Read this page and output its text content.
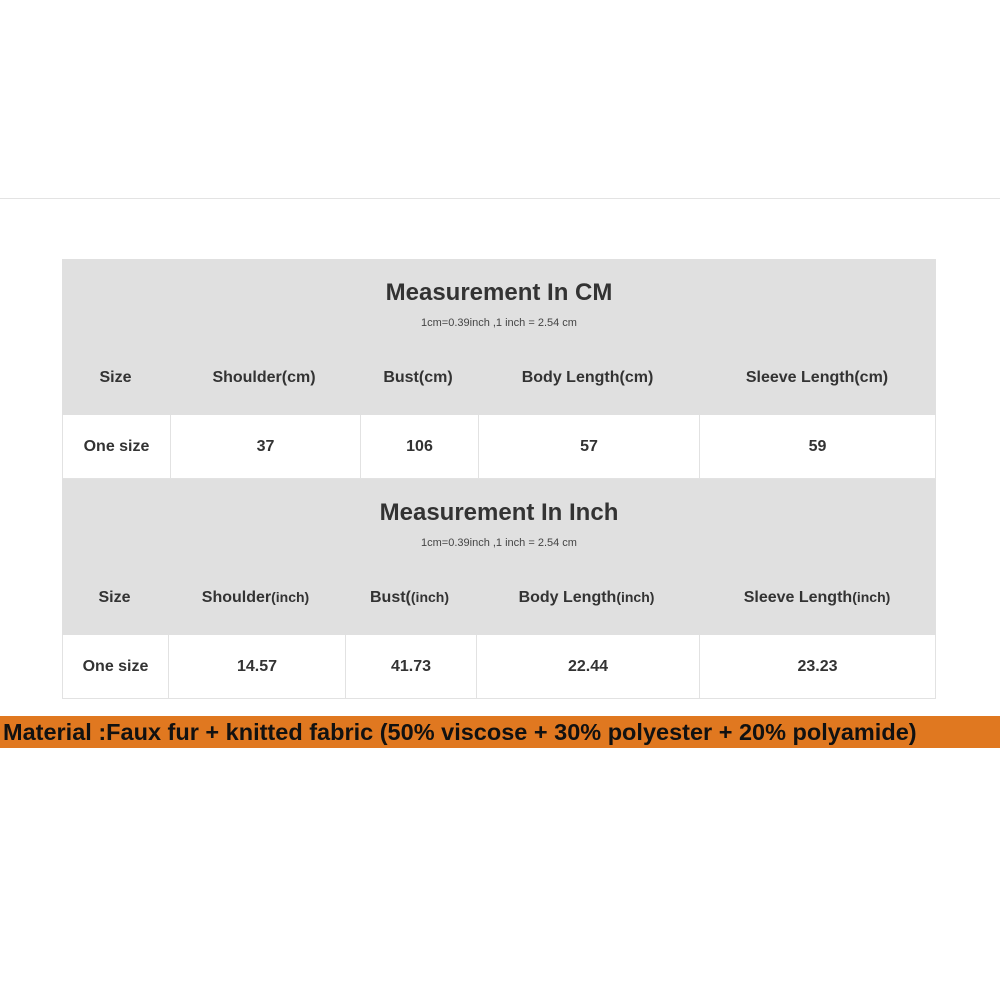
Measurement In CM
1cm=0.39inch ,1 inch = 2.54 cm
Size	Shoulder(cm)	Bust(cm)	Body Length(cm)	Sleeve Length(cm)
One size	37	106	57	59
Measurement In Inch
1cm=0.39inch ,1 inch = 2.54 cm
Size	Shoulder(inch)	Bust((inch)	Body Length(inch)	Sleeve Length(inch)
One size	14.57	41.73	22.44	23.23
Material :Faux fur + knitted fabric (50% viscose + 30% polyester + 20% polyamide)
